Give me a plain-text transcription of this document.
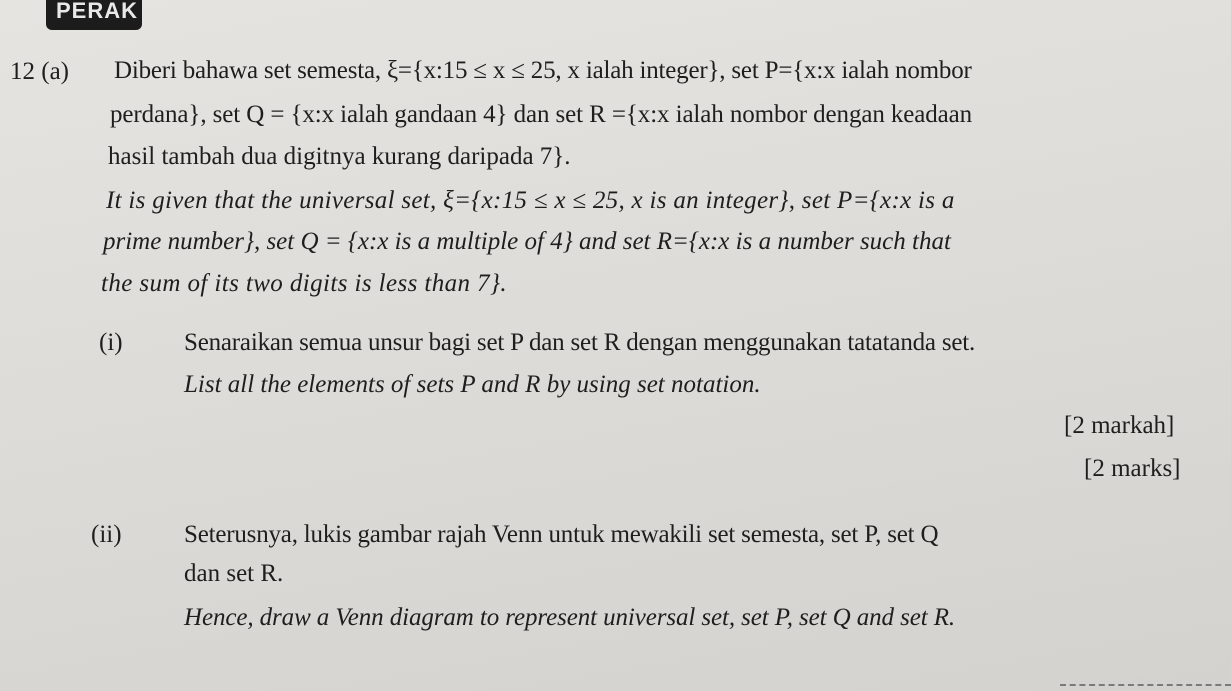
PERAK
12 (a) Diberi bahawa set semesta, ξ={x:15 ≤ x ≤ 25, x ialah integer}, set P={x:x ialah nombor
perdana}, set Q = {x:x ialah gandaan 4} dan set R ={x:x ialah nombor dengan keadaan
hasil tambah dua digitnya kurang daripada 7}.
It is given that the universal set, ξ={x:15 ≤ x ≤ 25, x is an integer}, set P={x:x is a
prime number}, set Q = {x:x is a multiple of 4} and set R={x:x is a number such that
the sum of its two digits is less than 7}.
(i) Senaraikan semua unsur bagi set P dan set R dengan menggunakan tatatanda set.
List all the elements of sets P and R by using set notation.
[2 markah]
[2 marks]
(ii) Seterusnya, lukis gambar rajah Venn untuk mewakili set semesta, set P, set Q
dan set R.
Hence, draw a Venn diagram to represent universal set, set P, set Q and set R.
